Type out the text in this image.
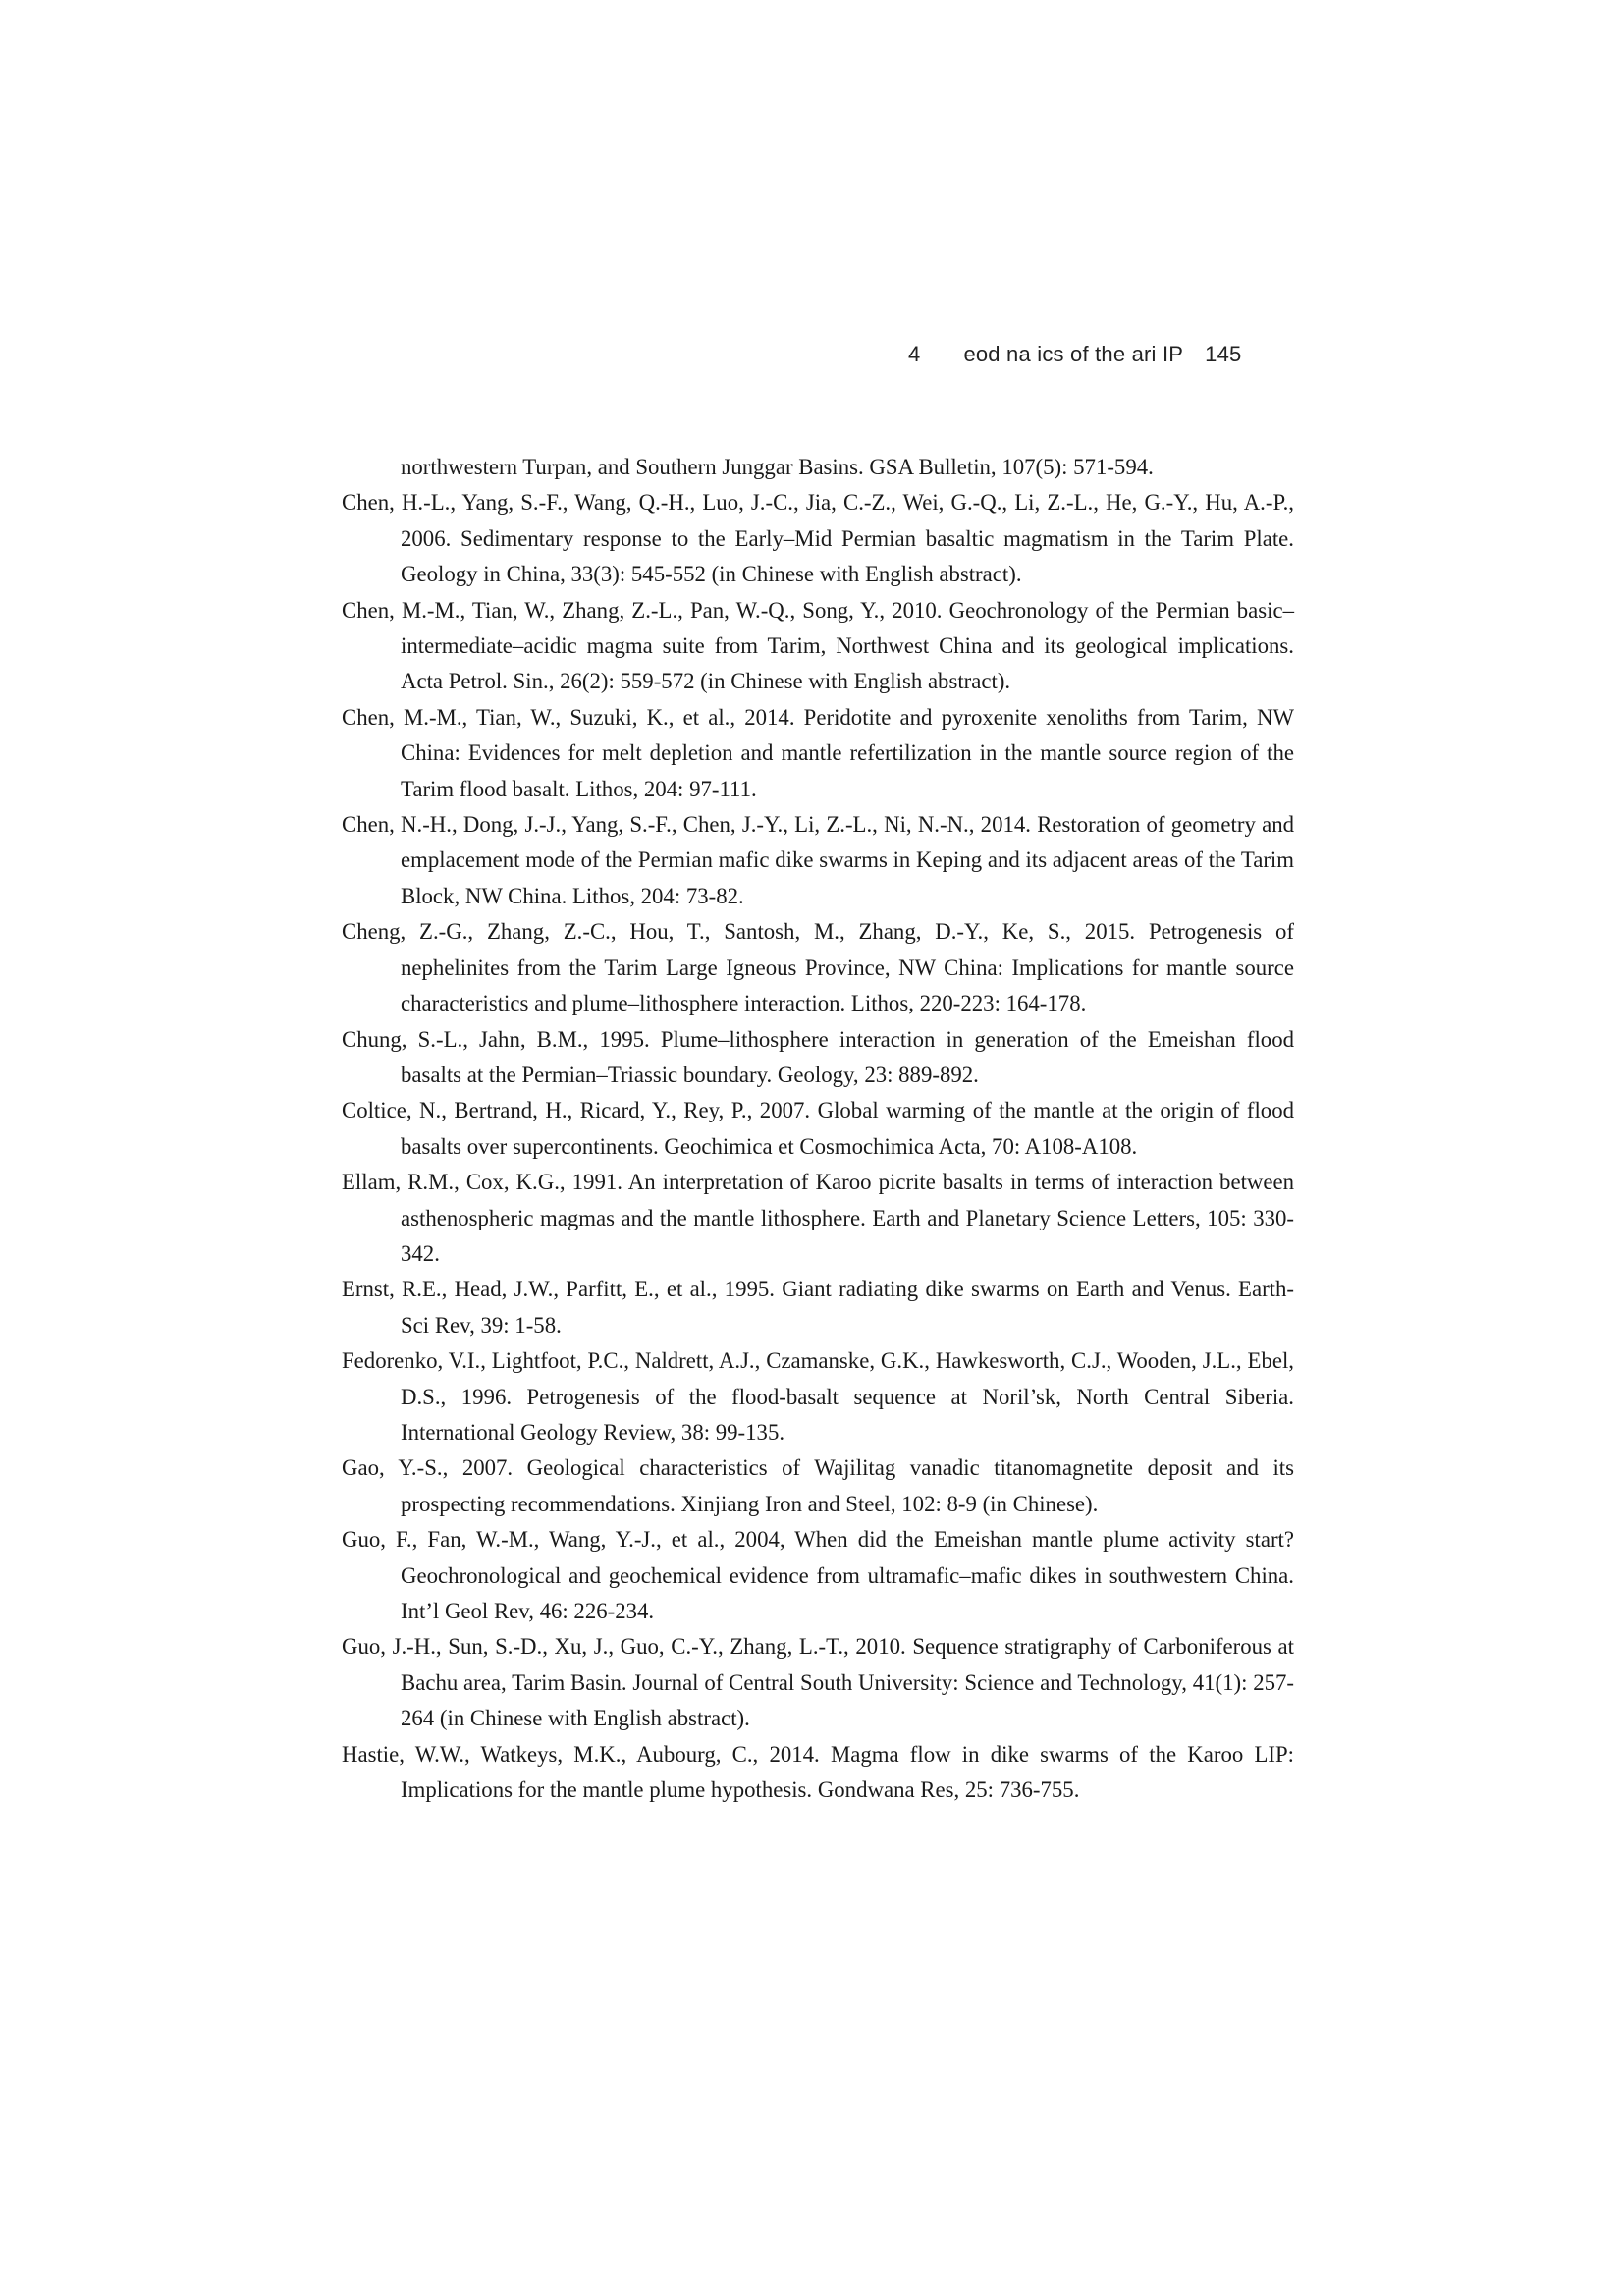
4 eod na ics of the ari IP 145
northwestern Turpan, and Southern Junggar Basins. GSA Bulletin, 107(5): 571-594.
Chen, H.-L., Yang, S.-F., Wang, Q.-H., Luo, J.-C., Jia, C.-Z., Wei, G.-Q., Li, Z.-L., He, G.-Y., Hu, A.-P., 2006. Sedimentary response to the Early–Mid Permian basaltic magmatism in the Tarim Plate. Geology in China, 33(3): 545-552 (in Chinese with English abstract).
Chen, M.-M., Tian, W., Zhang, Z.-L., Pan, W.-Q., Song, Y., 2010. Geochronology of the Permian basic–intermediate–acidic magma suite from Tarim, Northwest China and its geological implications. Acta Petrol. Sin., 26(2): 559-572 (in Chinese with English abstract).
Chen, M.-M., Tian, W., Suzuki, K., et al., 2014. Peridotite and pyroxenite xenoliths from Tarim, NW China: Evidences for melt depletion and mantle refertilization in the mantle source region of the Tarim flood basalt. Lithos, 204: 97-111.
Chen, N.-H., Dong, J.-J., Yang, S.-F., Chen, J.-Y., Li, Z.-L., Ni, N.-N., 2014. Restoration of geometry and emplacement mode of the Permian mafic dike swarms in Keping and its adjacent areas of the Tarim Block, NW China. Lithos, 204: 73-82.
Cheng, Z.-G., Zhang, Z.-C., Hou, T., Santosh, M., Zhang, D.-Y., Ke, S., 2015. Petrogenesis of nephelinites from the Tarim Large Igneous Province, NW China: Implications for mantle source characteristics and plume–lithosphere interaction. Lithos, 220-223: 164-178.
Chung, S.-L., Jahn, B.M., 1995. Plume–lithosphere interaction in generation of the Emeishan flood basalts at the Permian–Triassic boundary. Geology, 23: 889-892.
Coltice, N., Bertrand, H., Ricard, Y., Rey, P., 2007. Global warming of the mantle at the origin of flood basalts over supercontinents. Geochimica et Cosmochimica Acta, 70: A108-A108.
Ellam, R.M., Cox, K.G., 1991. An interpretation of Karoo picrite basalts in terms of interaction between asthenospheric magmas and the mantle lithosphere. Earth and Planetary Science Letters, 105: 330-342.
Ernst, R.E., Head, J.W., Parfitt, E., et al., 1995. Giant radiating dike swarms on Earth and Venus. Earth-Sci Rev, 39: 1-58.
Fedorenko, V.I., Lightfoot, P.C., Naldrett, A.J., Czamanske, G.K., Hawkesworth, C.J., Wooden, J.L., Ebel, D.S., 1996. Petrogenesis of the flood-basalt sequence at Noril’sk, North Central Siberia. International Geology Review, 38: 99-135.
Gao, Y.-S., 2007. Geological characteristics of Wajilitag vanadic titanomagnetite deposit and its prospecting recommendations. Xinjiang Iron and Steel, 102: 8-9 (in Chinese).
Guo, F., Fan, W.-M., Wang, Y.-J., et al., 2004, When did the Emeishan mantle plume activity start? Geochronological and geochemical evidence from ultramafic–mafic dikes in southwestern China. Int’l Geol Rev, 46: 226-234.
Guo, J.-H., Sun, S.-D., Xu, J., Guo, C.-Y., Zhang, L.-T., 2010. Sequence stratigraphy of Carboniferous at Bachu area, Tarim Basin. Journal of Central South University: Science and Technology, 41(1): 257-264 (in Chinese with English abstract).
Hastie, W.W., Watkeys, M.K., Aubourg, C., 2014. Magma flow in dike swarms of the Karoo LIP: Implications for the mantle plume hypothesis. Gondwana Res, 25: 736-755.
